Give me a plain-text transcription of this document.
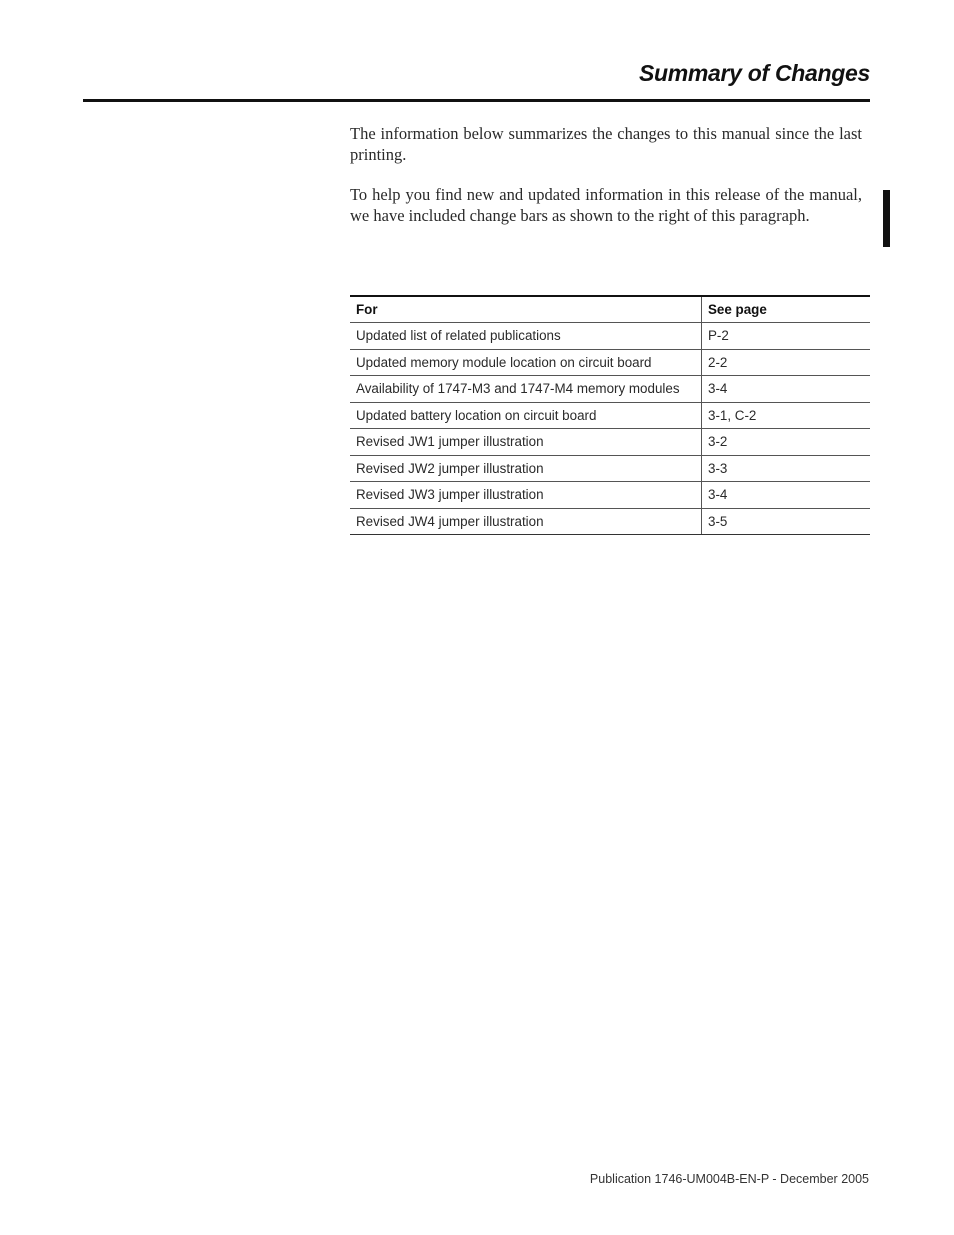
Summary of Changes

The information below summarizes the changes to this manual since the last printing.

To help you find new and updated information in this release of the manual, we have included change bars as shown to the right of this paragraph.

For	See page
Updated list of related publications	P-2
Updated memory module location on circuit board	2-2
Availability of 1747-M3 and 1747-M4 memory modules	3-4
Updated battery location on circuit board	3-1, C-2
Revised JW1 jumper illustration	3-2
Revised JW2 jumper illustration	3-3
Revised JW3 jumper illustration	3-4
Revised JW4 jumper illustration	3-5
Publication 1746-UM004B-EN-P - December 2005
